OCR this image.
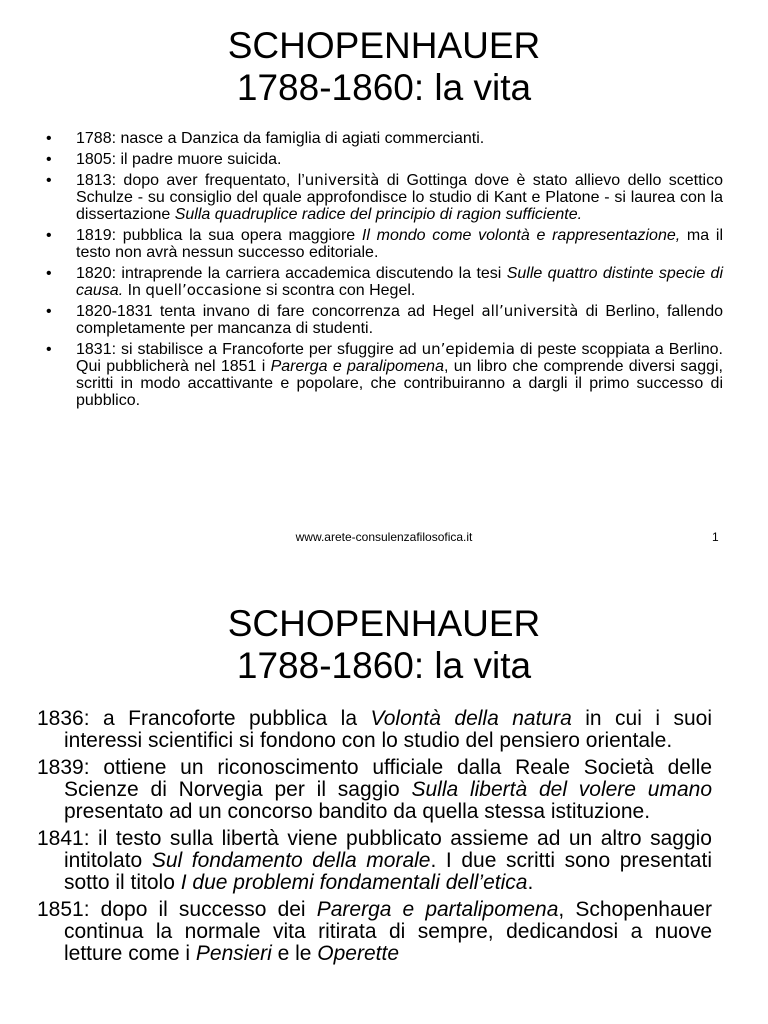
SCHOPENHAUER
1788-1860: la vita
• 1788: nasce a Danzica da famiglia di agiati commercianti.
• 1805: il padre muore suicida.
• 1813: dopo aver frequentato, l’università di Gottinga dove è stato allievo dello scettico Schulze - su consiglio del quale approfondisce lo studio di Kant e Platone - si laurea con la dissertazione Sulla quadruplice radice del principio di ragion sufficiente.
• 1819: pubblica la sua opera maggiore Il mondo come volontà e rappresentazione, ma il testo non avrà nessun successo editoriale.
• 1820: intraprende la carriera accademica discutendo la tesi Sulle quattro distinte specie di causa. In quell’occasione si scontra con Hegel.
• 1820-1831 tenta invano di fare concorrenza ad Hegel all’università di Berlino, fallendo completamente per mancanza di studenti.
• 1831: si stabilisce a Francoforte per sfuggire ad un’epidemia di peste scoppiata a Berlino. Qui pubblicherà nel 1851 i Parerga e paralipomena, un libro che comprende diversi saggi, scritti in modo accattivante e popolare, che contribuiranno a dargli il primo successo di pubblico.
www.arete-consulenzafilosofica.it	1
SCHOPENHAUER
1788-1860: la vita

1836: a Francoforte pubblica la Volontà della natura in cui i suoi interessi scientifici si fondono con lo studio del pensiero orientale.

1839: ottiene un riconoscimento ufficiale dalla Reale Società delle Scienze di Norvegia per il saggio Sulla libertà del volere umano presentato ad un concorso bandito da quella stessa istituzione.

1841: il testo sulla libertà viene pubblicato assieme ad un altro saggio intitolato Sul fondamento della morale. I due scritti sono presentati sotto il titolo I due problemi fondamentali dell’etica.

1851: dopo il successo dei Parerga e partalipomena, Schopenhauer continua la normale vita ritirata di sempre, dedicandosi a nuove letture come i Pensieri e le Operette
